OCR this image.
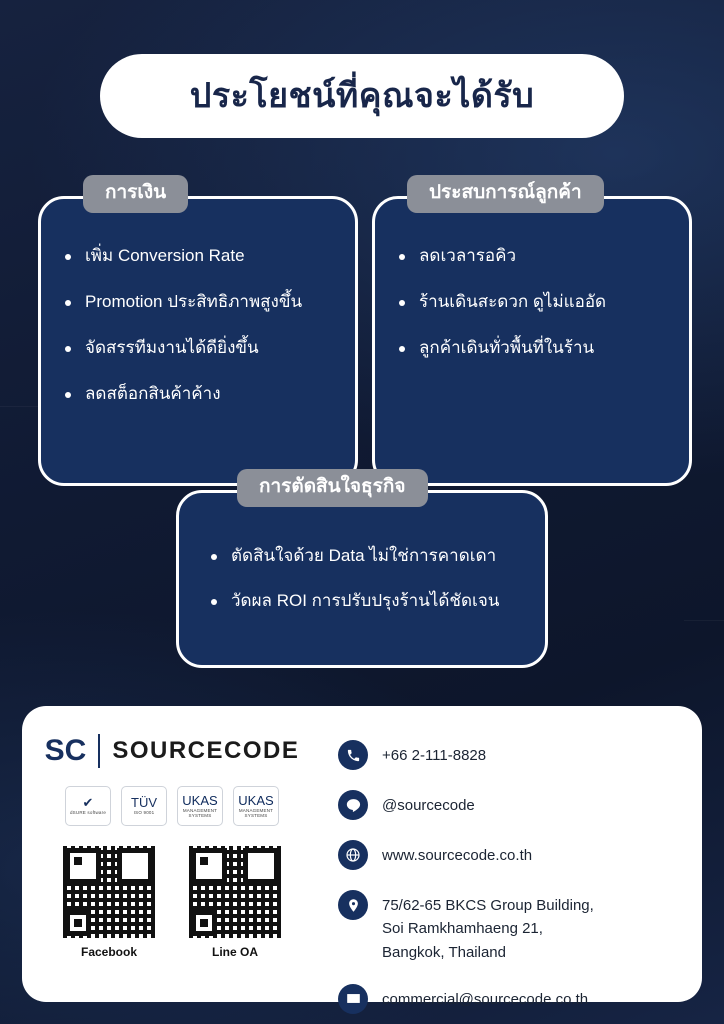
ประโยชน์ที่คุณจะได้รับ
การเงิน
เพิ่ม Conversion Rate
Promotion ประสิทธิภาพสูงขึ้น
จัดสรรทีมงานได้ดียิ่งขึ้น
ลดสต็อกสินค้าค้าง
ประสบการณ์ลูกค้า
ลดเวลารอคิว
ร้านเดินสะดวก ดูไม่แออัด
ลูกค้าเดินทั่วพื้นที่ในร้าน
การตัดสินใจธุรกิจ
ตัดสินใจด้วย Data ไม่ใช่การคาดเดา
วัดผล ROI การปรับปรุงร้านได้ชัดเจน
SC SOURCECODE
✔
dSURE software
TÜV
ISO 9001
UKAS
MANAGEMENT SYSTEMS
UKAS
MANAGEMENT SYSTEMS
Facebook	Line OA
+66 2-111-8828
@sourcecode
www.sourcecode.co.th
75/62-65 BKCS Group Building,
Soi Ramkhamhaeng 21,
Bangkok, Thailand
commercial@sourcecode.co.th
